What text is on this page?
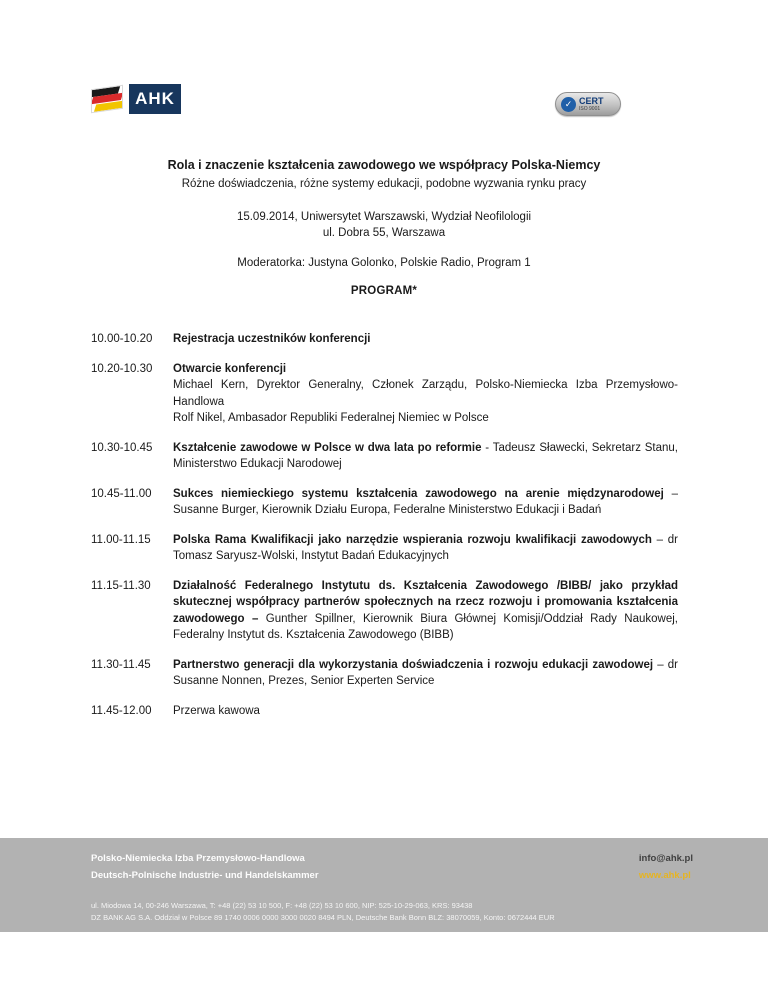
AHK	✓ CERT
ISO 9001

Rola i znaczenie kształcenia zawodowego we współpracy Polska-Niemcy

Różne doświadczenia, różne systemy edukacji, podobne wyzwania rynku pracy

15.09.2014, Uniwersytet Warszawski, Wydział Neofilologii

ul. Dobra 55, Warszawa

Moderatorka: Justyna Golonko, Polskie Radio, Program 1

PROGRAM*

10.00-10.20	Rejestracja uczestników konferencji

10.20-10.30	Otwarcie konferencji

Michael Kern, Dyrektor Generalny, Członek Zarządu, Polsko-Niemiecka Izba Przemysłowo-Handlowa

Rolf Nikel, Ambasador Republiki Federalnej Niemiec w Polsce

10.30-10.45	Kształcenie zawodowe w Polsce w dwa lata po reformie - Tadeusz Sławecki, Sekretarz Stanu, Ministerstwo Edukacji Narodowej

10.45-11.00	Sukces niemieckiego systemu kształcenia zawodowego na arenie międzynarodowej – Susanne Burger, Kierownik Działu Europa, Federalne Ministerstwo Edukacji i Badań

11.00-11.15	Polska Rama Kwalifikacji jako narzędzie wspierania rozwoju kwalifikacji zawodowych – dr Tomasz Saryusz-Wolski, Instytut Badań Edukacyjnych

11.15-11.30	Działalność Federalnego Instytutu ds. Kształcenia Zawodowego /BIBB/ jako przykład skutecznej współpracy partnerów społecznych na rzecz rozwoju i promowania kształcenia zawodowego – Gunther Spillner, Kierownik Biura Głównej Komisji/Oddział Rady Naukowej, Federalny Instytut ds. Kształcenia Zawodowego (BIBB)

11.30-11.45	Partnerstwo generacji dla wykorzystania doświadczenia i rozwoju edukacji zawodowej – dr Susanne Nonnen, Prezes, Senior Experten Service

11.45-12.00	Przerwa kawowa

Polsko-Niemiecka Izba Przemysłowo-Handlowa

Deutsch-Polnische Industrie- und Handelskammer

info@ahk.pl

www.ahk.pl

ul. Miodowa 14, 00-246 Warszawa, T: +48 (22) 53 10 500, F: +48 (22) 53 10 600, NIP: 525-10-29-063, KRS: 93438

DZ BANK AG S.A. Oddział w Polsce 89 1740 0006 0000 3000 0020 8494 PLN, Deutsche Bank Bonn BLZ: 38070059, Konto: 0672444 EUR
